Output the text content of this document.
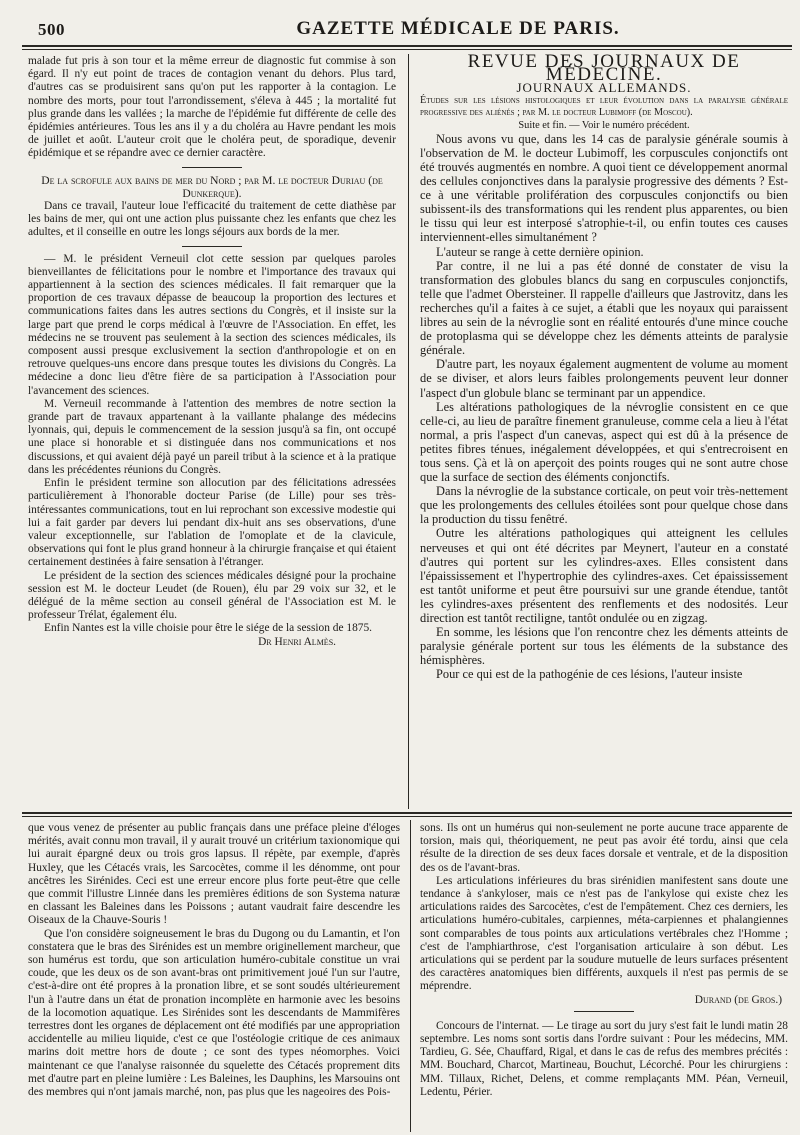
500	GAZETTE MÉDICALE DE PARIS.

malade fut pris à son tour et la même erreur de diagnostic fut commise à son égard. Il n'y eut point de traces de contagion venant du dehors. Plus tard, d'autres cas se produisirent sans qu'on put les rapporter à la contagion. Le nombre des morts, pour tout l'arrondissement, s'éleva à 445 ; la mortalité fut plus grande dans les vallées ; la marche de l'épidémie fut différente de celle des épidémies antérieures. Tous les ans il y a du choléra au Havre pendant les mois de juillet et août. L'auteur croit que le choléra peut, de sporadique, devenir épidémique et se répandre avec ce dernier caractère.

De la scrofule aux bains de mer du Nord ; par M. le docteur Duriau (de Dunkerque).

Dans ce travail, l'auteur loue l'efficacité du traitement de cette diathèse par les bains de mer, qui ont une action plus puissante chez les enfants que chez les adultes, et il conseille en outre les longs séjours aux bords de la mer.

— M. le président Verneuil clot cette session par quelques paroles bienveillantes de félicitations pour le nombre et l'importance des travaux qui appartiennent à la section des sciences médicales. Il fait remarquer que la proportion de ces travaux dépasse de beaucoup la proportion des lectures et communications faites dans les autres sections du Congrès, et il insiste sur la large part que prend le corps médical à l'œuvre de l'Association. En effet, les médecins ne se trouvent pas seulement à la section des sciences médicales, ils composent aussi presque exclusivement la section d'anthropologie et on en retrouve quelques-uns encore dans presque toutes les divisions du Congrès. La médecine a donc lieu d'être fière de sa participation à l'Association pour l'avancement des sciences.

M. Verneuil recommande à l'attention des membres de notre section la grande part de travaux appartenant à la vaillante phalange des médecins lyonnais, qui, depuis le commencement de la session jusqu'à sa fin, ont occupé une place si honorable et si distinguée dans nos communications et nos discussions, et qui avaient déjà payé un pareil tribut à la science et à la pratique dans les précédentes réunions du Congrès.

Enfin le président termine son allocution par des félicitations adressées particulièrement à l'honorable docteur Parise (de Lille) pour ses très-intéressantes communications, tout en lui reprochant son excessive modestie qui lui a fait garder par devers lui pendant dix-huit ans ses observations, d'une valeur exceptionnelle, sur l'ablation de l'omoplate et de la clavicule, observations qui font le plus grand honneur à la chirurgie française et qui étaient certainement destinées à faire sensation à l'étranger.

Le président de la section des sciences médicales désigné pour la prochaine session est M. le docteur Leudet (de Rouen), élu par 29 voix sur 32, et le délégué de la même section au conseil général de l'Association est M. le professeur Trélat, également élu.

Enfin Nantes est la ville choisie pour être le siége de la session de 1875.

Dr Henri Almès.

REVUE DES JOURNAUX DE MÉDECINE.

JOURNAUX ALLEMANDS.

Études sur les lésions histologiques et leur évolution dans la paralysie générale progressive des aliénés ; par M. le docteur Lubimoff (de Moscou).

Suite et fin. — Voir le numéro précédent.

Nous avons vu que, dans les 14 cas de paralysie générale soumis à l'observation de M. le docteur Lubimoff, les corpuscules conjonctifs ont été trouvés augmentés en nombre. A quoi tient ce développement anormal des cellules conjonctives dans la paralysie progressive des déments ? Est-ce à une véritable prolifération des corpuscules conjonctifs ou bien subissent-ils des transformations qui les rendent plus apparentes, ou bien le tissu qui leur est interposé s'atrophie-t-il, ou enfin toutes ces causes interviennent-elles simultanément ?

L'auteur se range à cette dernière opinion.

Par contre, il ne lui a pas été donné de constater de visu la transformation des globules blancs du sang en corpuscules conjonctifs, telle que l'admet Obersteiner. Il rappelle d'ailleurs que Jastrovitz, dans les recherches qu'il a faites à ce sujet, a établi que les noyaux qui paraissent libres au sein de la névroglie sont en réalité entourés d'une mince couche de protoplasma qui se développe chez les déments atteints de paralysie générale.

D'autre part, les noyaux également augmentent de volume au moment de se diviser, et alors leurs faibles prolongements peuvent leur donner l'aspect d'un globule blanc se terminant par un appendice.

Les altérations pathologiques de la névroglie consistent en ce que celle-ci, au lieu de paraître finement granuleuse, comme cela a lieu à l'état normal, a pris l'aspect d'un canevas, aspect qui est dû à la présence de petites fibres ténues, inégalement développées, et qui s'entrecroisent en tous sens. Çà et là on aperçoit des points rouges qui ne sont autre chose que la surface de section des éléments conjonctifs.

Dans la névroglie de la substance corticale, on peut voir très-nettement que les prolongements des cellules étoilées sont pour quelque chose dans la production du tissu fenêtré.

Outre les altérations pathologiques qui atteignent les cellules nerveuses et qui ont été décrites par Meynert, l'auteur en a constaté d'autres qui portent sur les cylindres-axes. Elles consistent dans l'épaississement et l'hypertrophie des cylindres-axes. Cet épaississement est tantôt uniforme et peut être poursuivi sur une grande étendue, tantôt les cylindres-axes présentent des renflements et des nodosités. Leur direction est tantôt rectiligne, tantôt ondulée ou en zigzag.

En somme, les lésions que l'on rencontre chez les déments atteints de paralysie générale portent sur tous les éléments de la substance des hémisphères.

Pour ce qui est de la pathogénie de ces lésions, l'auteur insiste

que vous venez de présenter au public français dans une préface pleine d'éloges mérités, avait connu mon travail, il y aurait trouvé un critérium taxionomique qui lui aurait épargné deux ou trois gros lapsus. Il répète, par exemple, d'après Huxley, que les Cétacés vrais, les Sarcocètes, comme il les dénomme, ont pour ancêtres les Sirénides. Ceci est une erreur encore plus forte peut-être que celle que commit l'illustre Linnée dans les premières éditions de son Systema naturæ en classant les Baleines dans les Poissons ; autant vaudrait faire descendre les Oiseaux de la Chauve-Souris !

Que l'on considère soigneusement le bras du Dugong ou du Lamantin, et l'on constatera que le bras des Sirénides est un membre originellement marcheur, que son humérus est tordu, que son articulation huméro-cubitale constitue un vrai coude, que les deux os de son avant-bras ont primitivement joué l'un sur l'autre, c'est-à-dire ont été propres à la pronation libre, et se sont soudés ultérieurement l'un à l'autre dans un état de pronation incomplète en harmonie avec les besoins de la locomotion aquatique. Les Sirénides sont les descendants de Mammifères terrestres dont les organes de déplacement ont été modifiés par une appropriation accidentelle au milieu liquide, c'est ce que l'ostéologie critique de ces animaux marins doit mettre hors de doute ; ce sont des types néomorphes. Voici maintenant ce que l'analyse raisonnée du squelette des Cétacés proprement dits met d'autre part en pleine lumière : Les Baleines, les Dauphins, les Marsouins ont des membres qui n'ont jamais marché, non, pas plus que les nageoires des Pois-

sons. Ils ont un humérus qui non-seulement ne porte aucune trace apparente de torsion, mais qui, théoriquement, ne peut pas avoir été tordu, ainsi que cela résulte de la direction de ses deux faces dorsale et ventrale, et de la disposition des os de l'avant-bras.

Les articulations inférieures du bras sirénidien manifestent sans doute une tendance à s'ankyloser, mais ce n'est pas de l'ankylose qui existe chez les articulations raides des Sarcocètes, c'est de l'empâtement. Chez ces derniers, les articulations huméro-cubitales, carpiennes, méta-carpiennes et phalangiennes sont comparables de tous points aux articulations vertébrales chez l'Homme ; c'est de l'amphiarthrose, c'est l'organisation articulaire à son début. Les articulations qui se perdent par la soudure mutuelle de leurs surfaces présentent des caractères anatomiques bien différents, auxquels il n'est pas permis de se méprendre.

Durand (de Gros.)

Concours de l'internat. — Le tirage au sort du jury s'est fait le lundi matin 28 septembre. Les noms sont sortis dans l'ordre suivant : Pour les médecins, MM. Tardieu, G. Sée, Chauffard, Rigal, et dans le cas de refus des membres précités : MM. Bouchard, Charcot, Martineau, Bouchut, Lécorché. Pour les chirurgiens : MM. Tillaux, Richet, Delens, et comme remplaçants MM. Péan, Verneuil, Ledentu, Périer.
